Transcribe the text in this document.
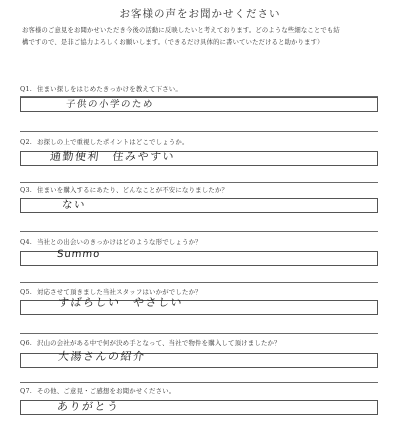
お客様の声をお聞かせください
お客様のご意見をお聞かせいただき今後の活動に反映したいと考えております。どのような些細なことでも結
構ですので、是非ご協力よろしくお願いします。（できるだけ具体的に書いていただけると助かります）
Q1. 住まい探しをはじめたきっかけを教えて下さい。
子供の小学のため
Q2. お探しの上で重視したポイントはどこでしょうか。
通勤便利　住みやすい
Q3. 住まいを購入するにあたり、どんなことが不安になりましたか？
ない
Q4. 当社との出会いのきっかけはどのような形でしょうか？
Summo
Q5. 対応させて頂きました当社スタッフはいかがでしたか？
すばらしい　やさしい
Q6. 沢山の会社がある中で何が決め手となって、当社で物件を購入して頂けましたか？
大湯さんの紹介
Q7. その他、ご意見・ご感想をお聞かせください。
ありがとう
